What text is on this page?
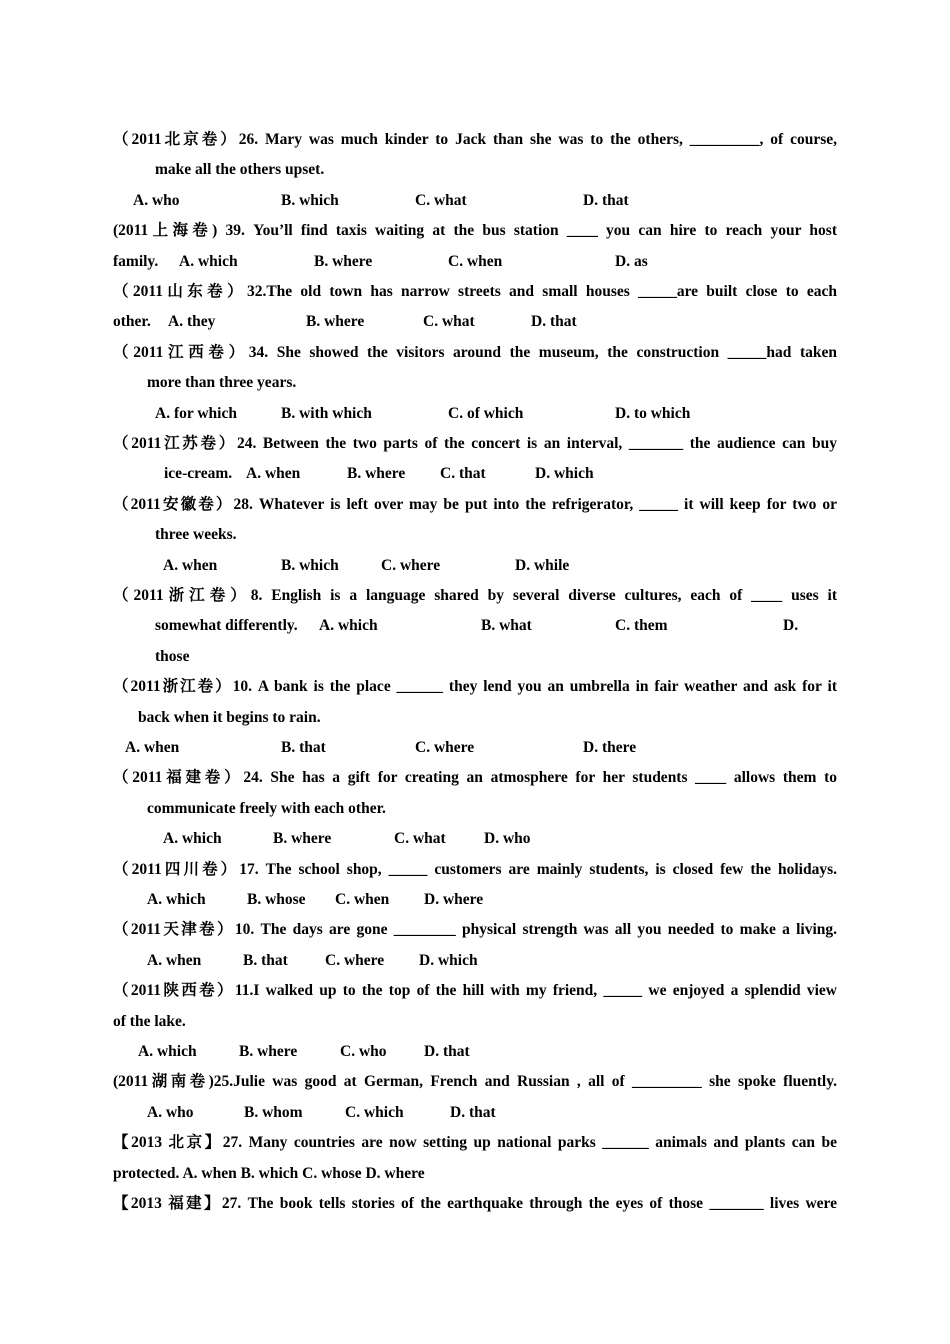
（2011北京卷）26. Mary was much kinder to Jack than she was to the others, _________, of course,
make all the others upset.
A. who	B. which	C. what	D. that
(2011上海卷) 39. You’ll find taxis waiting at the bus station ____ you can hire to reach your host
family. A. which	B. where	C. when	D. as
（2011山东卷）32.The old town has narrow streets and small houses _____are built close to each
other. A. they	B. where	C. what	D. that
（2011江西卷）34. She showed the visitors around the museum, the construction _____had taken
more than three years.
A. for which	B. with which	C. of which	D. to which
（2011江苏卷）24. Between the two parts of the concert is an interval, _______ the audience can buy
ice-cream. A. when	B. where C. that	D. which
（2011安徽卷）28. Whatever is left over may be put into the refrigerator, _____ it will keep for two or
three weeks.
A. when	B. which	C. where	D. while
（2011浙江卷）8. English is a language shared by several diverse cultures, each of ____ uses it
somewhat differently. A. which	B. what	C. them	D.
those
（2011浙江卷）10. A bank is the place ______ they lend you an umbrella in fair weather and ask for it
back when it begins to rain.
A. when	B. that	C. where	D. there
（2011福建卷）24. She has a gift for creating an atmosphere for her students ____ allows them to
communicate freely with each other.
A. which	B. where	C. what D. who
（2011四川卷）17. The school shop, _____ customers are mainly students, is closed few the holidays.
A. which	B. whose C. when D. where
（2011天津卷）10. The days are gone ________ physical strength was all you needed to make a living.
A. when	B. that C. where D. which
（2011陕西卷）11.I walked up to the top of the hill with my friend, _____ we enjoyed a splendid view
of the lake.
A. which	B. where	C. who D. that
(2011湖南卷)25.Julie was good at German, French and Russian , all of _________ she spoke fluently.
A. who	B. whom	C. which	D. that
【2013 北京】27. Many countries are now setting up national parks ______ animals and plants can be
protected. A. when B. which C. whose D. where
【2013 福建】27. The book tells stories of the earthquake through the eyes of those _______ lives were
